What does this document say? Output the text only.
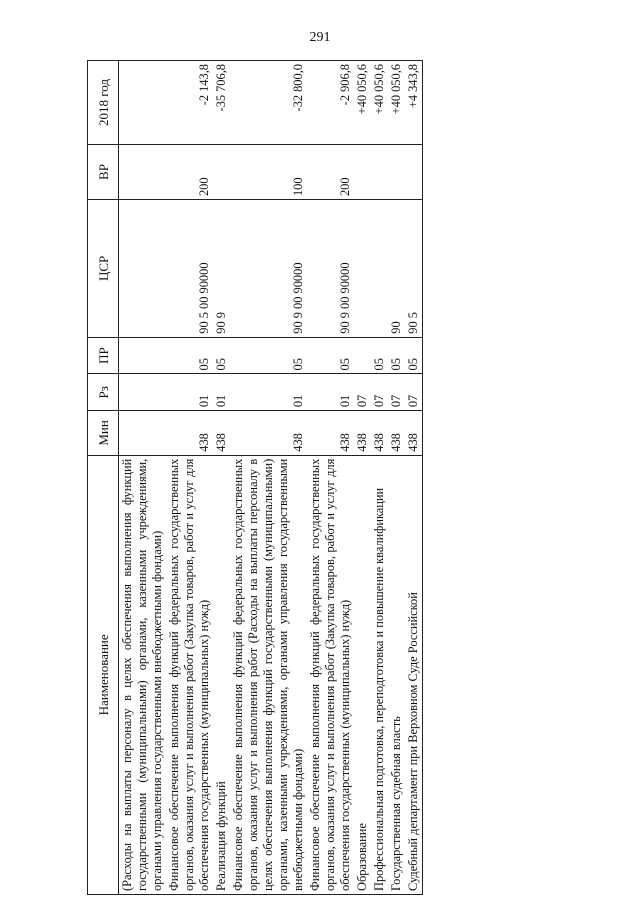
291
Наименование	Мин	Рз	ПР	ЦСР	ВР	2018 год
(Расходы на выплаты персоналу в целях обеспечения выполнения функций государственными (муниципальными) органами, казенными учреждениями, органами управления государственными внебюджетными фондами)						
Финансовое обеспечение выполнения функций федеральных государственных органов, оказания услуг и выполнения работ (Закупка товаров, работ и услуг для обеспечения государственных (муниципальных) нужд)	438	01	05	90 5 00 90000	200	-2 143,8
Реализация функций	438	01	05	90 9		-35 706,8
Финансовое обеспечение выполнения функций федеральных государственных органов, оказания услуг и выполнения работ (Расходы на выплаты персоналу в целях обеспечения выполнения функций государственными (муниципальными) органами, казенными учреждениями, органами управления государственными внебюджетными фондами)	438	01	05	90 9 00 90000	100	-32 800,0
Финансовое обеспечение выполнения функций федеральных государственных органов, оказания услуг и выполнения работ (Закупка товаров, работ и услуг для обеспечения государственных (муниципальных) нужд)	438	01	05	90 9 00 90000	200	-2 906,8
Образование	438	07				+40 050,6
Профессиональная подготовка, переподготовка и повышение квалификации	438	07	05			+40 050,6
Государственная судебная власть	438	07	05	90		+40 050,6
Судебный департамент при Верховном Суде Российской	438	07	05	90 5		+4 343,8
